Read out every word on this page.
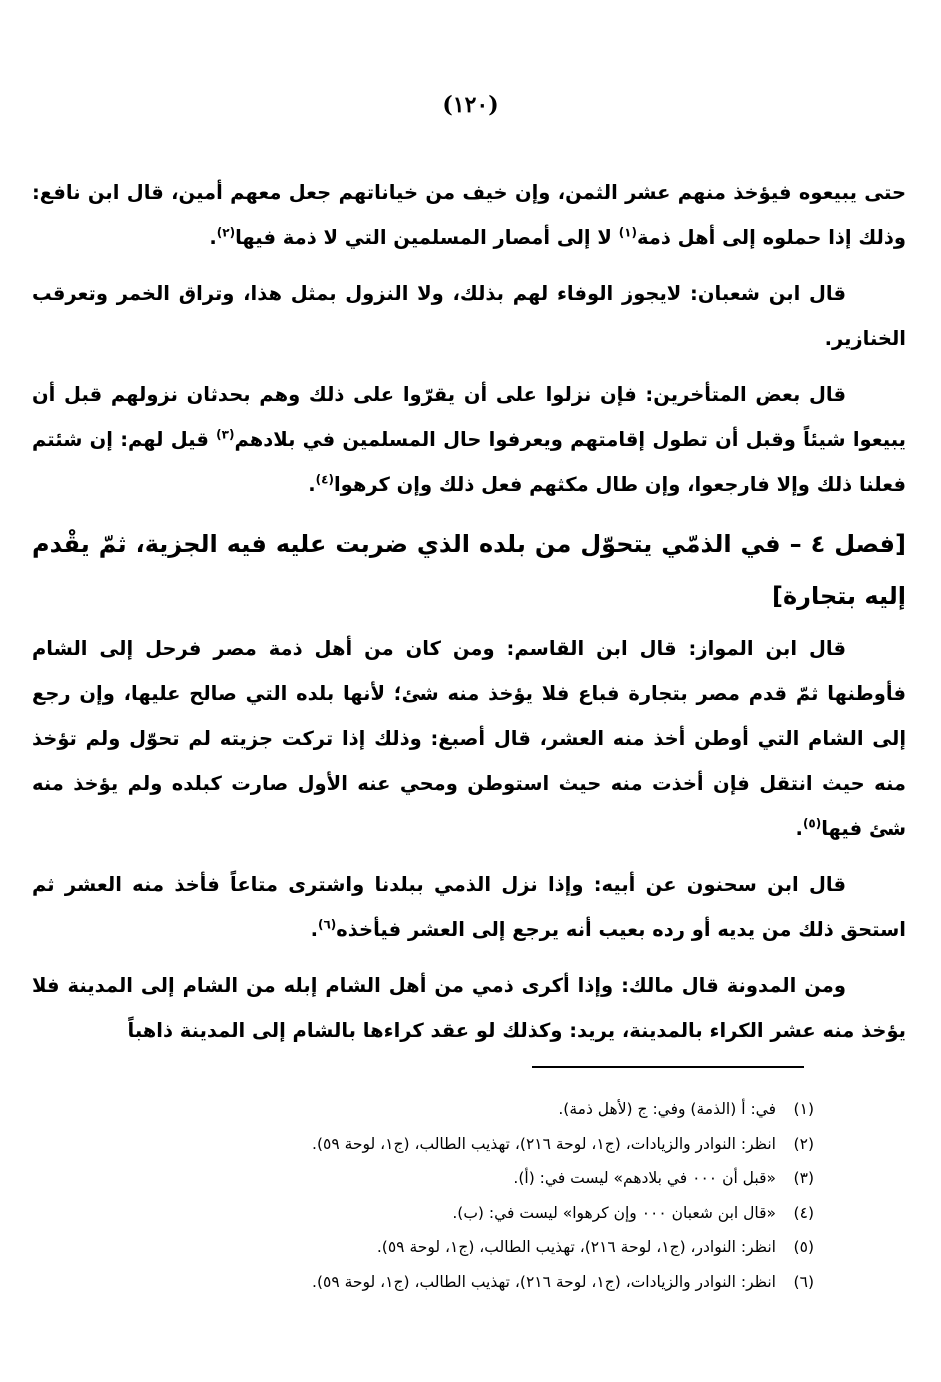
(١٢٠)

حتى يبيعوه فيؤخذ منهم عشر الثمن، وإن خيف من خياناتهم جعل معهم أمين، قال ابن نافع: وذلك إذا حملوه إلى أهل ذمة$^{(١)}$ لا إلى أمصار المسلمين التي لا ذمة فيها$^{(٢)}$.

قال ابن شعبان: لايجوز الوفاء لهم بذلك، ولا النزول بمثل هذا، وتراق الخمر وتعرقب الخنازير.

قال بعض المتأخرين: فإن نزلوا على أن يقرّوا على ذلك وهم بحدثان نزولهم قبل أن يبيعوا شيئاً وقبل أن تطول إقامتهم ويعرفوا حال المسلمين في بلادهم$^{(٣)}$ قيل لهم: إن شئتم فعلنا ذلك وإلا فارجعوا، وإن طال مكثهم فعل ذلك وإن كرهوا$^{(٤)}$.

[فصل ٤ – في الذمّي يتحوّل من بلده الذي ضربت عليه فيه الجزية، ثمّ يقْدم إليه بتجارة]

قال ابن المواز: قال ابن القاسم: ومن كان من أهل ذمة مصر فرحل إلى الشام فأوطنها ثمّ قدم مصر بتجارة فباع فلا يؤخذ منه شئ؛ لأنها بلده التي صالح عليها، وإن رجع إلى الشام التي أوطن أخذ منه العشر، قال أصبغ: وذلك إذا تركت جزيته لم تحوّل ولم تؤخذ منه حيث انتقل فإن أخذت منه حيث استوطن ومحي عنه الأول صارت كبلده ولم يؤخذ منه شئ فيها$^{(٥)}$.

قال ابن سحنون عن أبيه: وإذا نزل الذمي ببلدنا واشترى متاعاً فأخذ منه العشر ثم استحق ذلك من يديه أو رده بعيب أنه يرجع إلى العشر فيأخذه$^{(٦)}$.

ومن المدونة قال مالك: وإذا أكرى ذمي من أهل الشام إبله من الشام إلى المدينة فلا يؤخذ منه عشر الكراء بالمدينة، يريد: وكذلك لو عقد كراءها بالشام إلى المدينة ذاهباً

(١)
في: أ (الذمة) وفي: ج (لأهل ذمة).
(٢)
انظر: النوادر والزيادات، (ج١، لوحة ٢١٦)، تهذيب الطالب، (ج١، لوحة ٥٩).
(٣)
«قبل أن ٠٠٠ في بلادهم» ليست في: (أ).
(٤)
«قال ابن شعبان ٠٠٠ وإن كرهوا» ليست في: (ب).
(٥)
انظر: النوادر، (ج١، لوحة ٢١٦)، تهذيب الطالب، (ج١، لوحة ٥٩).
(٦)
انظر: النوادر والزيادات، (ج١، لوحة ٢١٦)، تهذيب الطالب، (ج١، لوحة ٥٩).
